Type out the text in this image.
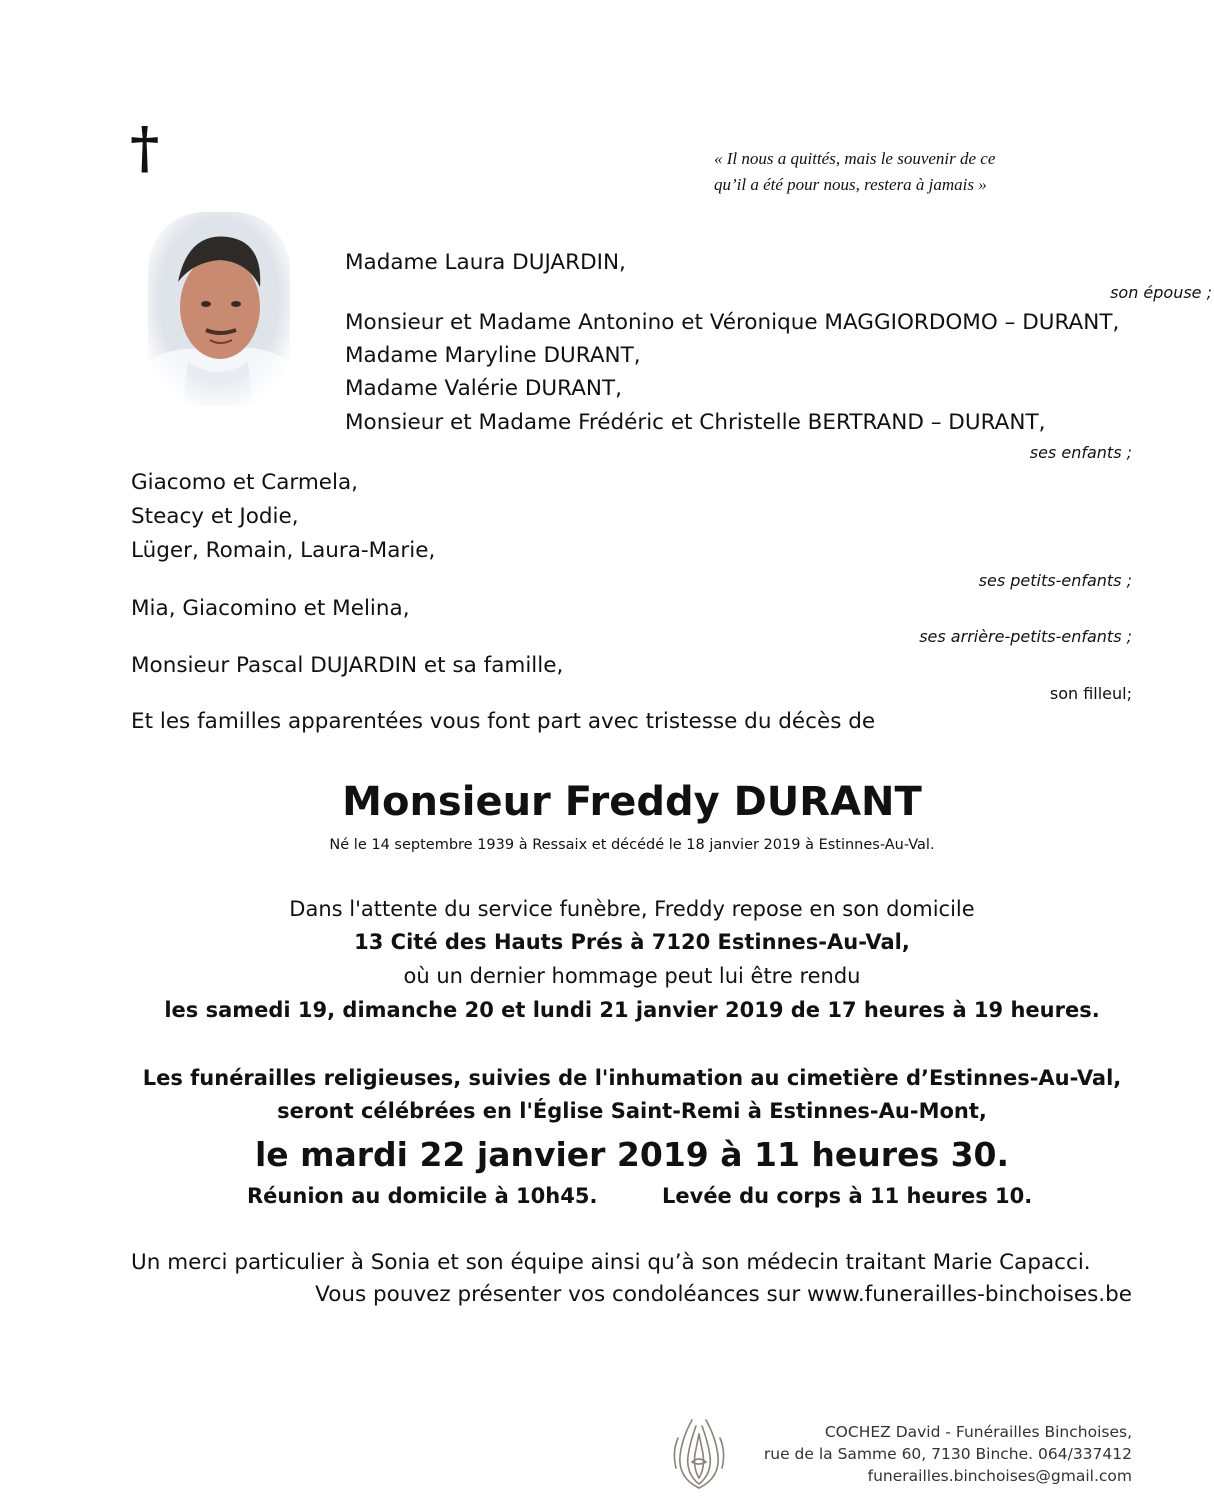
†	« Il nous a quittés, mais le souvenir de ce
qu’il a été pour nous, restera à jamais »
Madame Laura DUJARDIN,
son épouse ;
Monsieur et Madame Antonino et Véronique MAGGIORDOMO – DURANT,
Madame Maryline DURANT,
Madame Valérie DURANT,
Monsieur et Madame Frédéric et Christelle BERTRAND – DURANT,
ses enfants ;
Giacomo et Carmela,
Steacy et Jodie,
Lüger, Romain, Laura-Marie,
ses petits-enfants ;
Mia, Giacomino et Melina,
ses arrière-petits-enfants ;
Monsieur Pascal DUJARDIN et sa famille,
son filleul;
Et les familles apparentées vous font part avec tristesse du décès de
Monsieur Freddy DURANT
Né le 14 septembre 1939 à Ressaix et décédé le 18 janvier 2019 à Estinnes-Au-Val.
Dans l'attente du service funèbre, Freddy repose en son domicile
13 Cité des Hauts Prés à 7120 Estinnes-Au-Val,
où un dernier hommage peut lui être rendu
les samedi 19, dimanche 20 et lundi 21 janvier 2019 de 17 heures à 19 heures.
Les funérailles religieuses, suivies de l'inhumation au cimetière d’Estinnes-Au-Val,
seront célébrées en l'Église Saint-Remi à Estinnes-Au-Mont,
le mardi 22 janvier 2019 à 11 heures 30.
Réunion au domicile à 10h45.	Levée du corps à 11 heures 10.
Un merci particulier à Sonia et son équipe ainsi qu’à son médecin traitant Marie Capacci.
Vous pouvez présenter vos condoléances sur www.funerailles-binchoises.be
COCHEZ David - Funérailles Binchoises,
rue de la Samme 60, 7130 Binche. 064/337412
funerailles.binchoises@gmail.com
